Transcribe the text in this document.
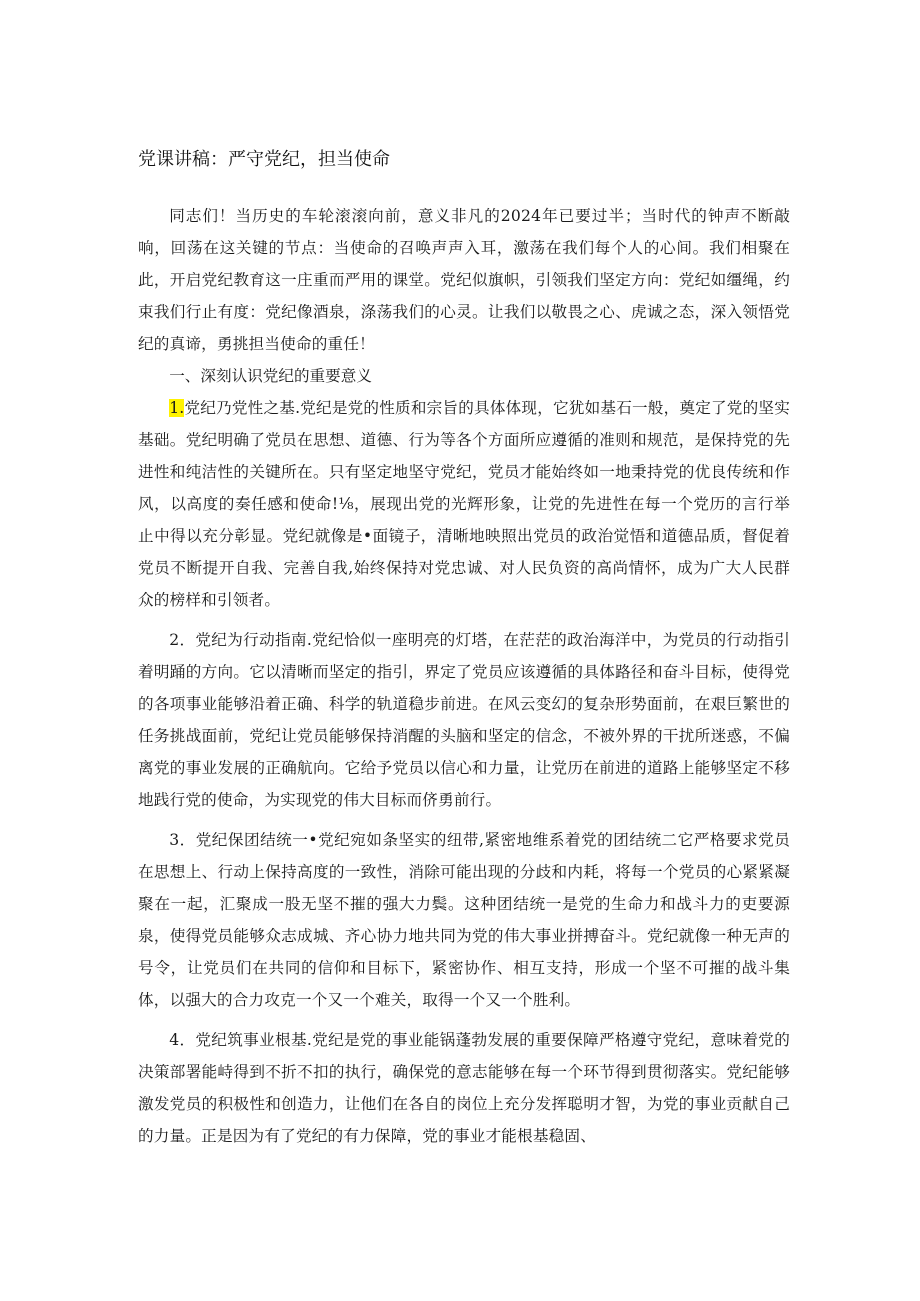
党课讲稿：严守党纪，担当使命

同志们！当历史的车轮滚滚向前，意义非凡的2024年已要过半；当时代的钟声不断敲响，回荡在这关键的节点：当使命的召唤声声入耳，激荡在我们每个人的心间。我们相聚在此，开启党纪教育这一庄重而严用的课堂。党纪似旗帜，引领我们坚定方向：党纪如缰绳，约束我们行止有度：党纪像酒泉，涤荡我们的心灵。让我们以敬畏之心、虎诚之态，深入领悟党纪的真谛，勇挑担当使命的重任！

一、深刻认识党纪的重要意义

1.党纪乃党性之基.党纪是党的性质和宗旨的具体体现，它犹如基石一般，奠定了党的坚实基础。党纪明确了党员在思想、道德、行为等各个方面所应遵循的准则和规范，是保持党的先进性和纯洁性的关键所在。只有坚定地坚守党纪，党员才能始终如一地秉持党的优良传统和作风，以高度的奏任感和使命!⅛，展现出党的光辉形象，让党的先进性在每一个党历的言行举止中得以充分彰显。党纪就像是•面镜子，清晰地映照出党员的政治觉悟和道德品质，督促着党员不断提开自我、完善自我,始终保持对党忠诚、对人民负资的高尚情怀，成为广大人民群众的榜样和引领者。

2．党纪为行动指南.党纪恰似一座明亮的灯塔，在茫茫的政治海洋中，为党员的行动指引着明踊的方向。它以清晰而坚定的指引，界定了党员应该遵循的具体路径和奋斗目标，使得党的各项事业能够沿着正确、科学的轨道稳步前进。在风云变幻的复杂形势面前，在艰巨繁世的任务挑战面前，党纪让党员能够保持消醒的头脑和坚定的信念，不被外界的干扰所迷惑，不偏离党的事业发展的正确航向。它给予党员以信心和力量，让党历在前进的道路上能够坚定不移地践行党的使命，为实现党的伟大目标而侪勇前行。

3．党纪保团结统一•党纪宛如条坚实的纽带,紧密地维系着党的团结统二它严格要求党员在思想上、行动上保持高度的一致性，消除可能出现的分歧和内耗，将每一个党员的心紧紧凝聚在一起，汇聚成一股无坚不摧的强大力鬓。这种团结统一是党的生命力和战斗力的吏要源泉，使得党员能够众志成城、齐心协力地共同为党的伟大事业拼搏奋斗。党纪就像一种无声的号令，让党员们在共同的信仰和目标下，紧密协作、相互支持，形成一个坚不可摧的战斗集体，以强大的合力攻克一个又一个难关，取得一个又一个胜利。

4．党纪筑事业根基.党纪是党的事业能锅蓬勃发展的重要保障严格遵守党纪，意味着党的决策部署能峙得到不折不扣的执行，确保党的意志能够在每一个环节得到贯彻落实。党纪能够激发党员的积极性和创造力，让他们在各自的岗位上充分发挥聪明才智，为党的事业贡献自己的力量。正是因为有了党纪的有力保障，党的事业才能根基稳固、
